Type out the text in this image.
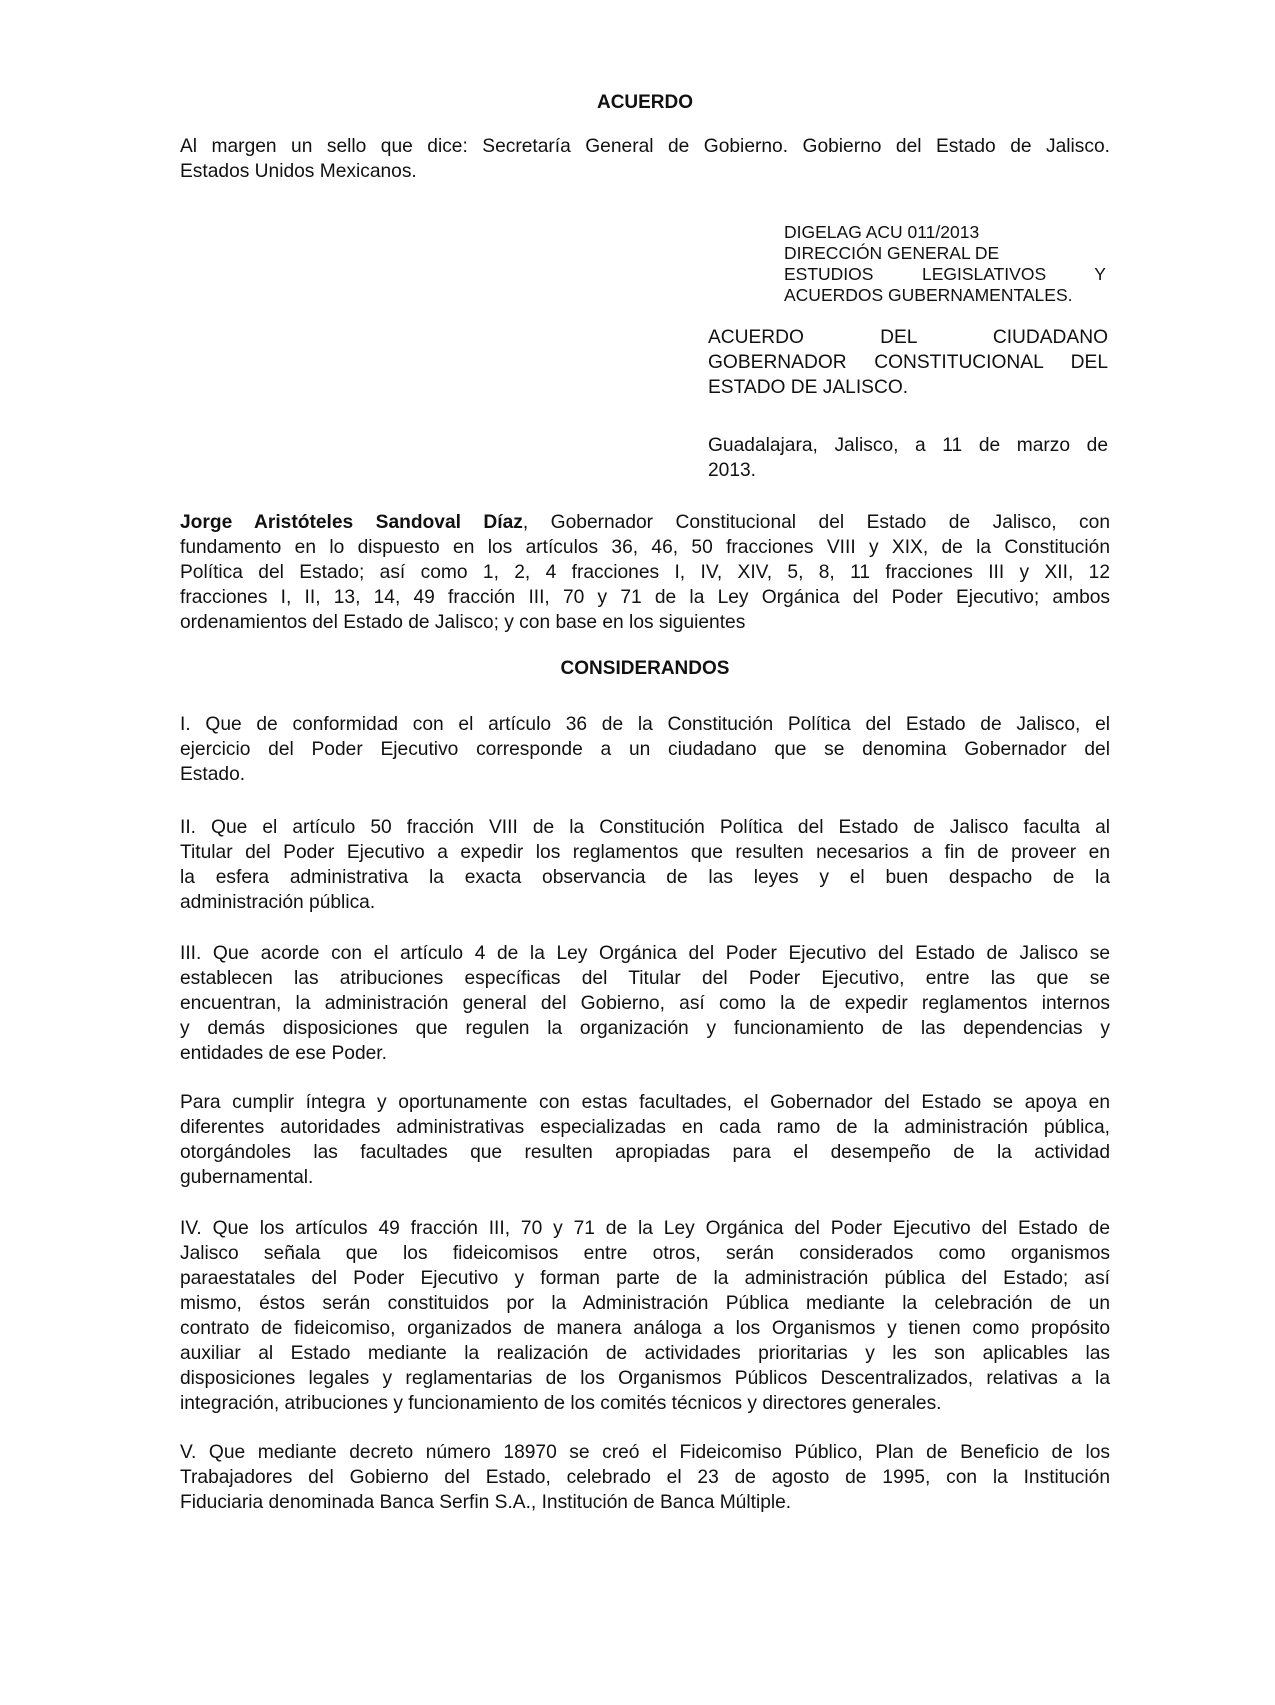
ACUERDO

Al margen un sello que dice: Secretaría General de Gobierno. Gobierno del Estado de Jalisco.
Estados Unidos Mexicanos.

DIGELAG ACU 011/2013
DIRECCIÓN GENERAL DE
ESTUDIOS LEGISLATIVOS Y
ACUERDOS GUBERNAMENTALES.

ACUERDO DEL CIUDADANO
GOBERNADOR CONSTITUCIONAL DEL
ESTADO DE JALISCO.

Guadalajara, Jalisco, a 11 de marzo de
2013.

Jorge Aristóteles Sandoval Díaz, Gobernador Constitucional del Estado de Jalisco, con
fundamento en lo dispuesto en los artículos 36, 46, 50 fracciones VIII y XIX, de la Constitución
Política del Estado; así como 1, 2, 4 fracciones I, IV, XIV, 5, 8, 11 fracciones III y XII, 12
fracciones I, II, 13, 14, 49 fracción III, 70 y 71 de la Ley Orgánica del Poder Ejecutivo; ambos
ordenamientos del Estado de Jalisco; y con base en los siguientes

CONSIDERANDOS

I. Que de conformidad con el artículo 36 de la Constitución Política del Estado de Jalisco, el
ejercicio del Poder Ejecutivo corresponde a un ciudadano que se denomina Gobernador del
Estado.

II. Que el artículo 50 fracción VIII de la Constitución Política del Estado de Jalisco faculta al
Titular del Poder Ejecutivo a expedir los reglamentos que resulten necesarios a fin de proveer en
la esfera administrativa la exacta observancia de las leyes y el buen despacho de la
administración pública.

III. Que acorde con el artículo 4 de la Ley Orgánica del Poder Ejecutivo del Estado de Jalisco se
establecen las atribuciones específicas del Titular del Poder Ejecutivo, entre las que se
encuentran, la administración general del Gobierno, así como la de expedir reglamentos internos
y demás disposiciones que regulen la organización y funcionamiento de las dependencias y
entidades de ese Poder.

Para cumplir íntegra y oportunamente con estas facultades, el Gobernador del Estado se apoya en
diferentes autoridades administrativas especializadas en cada ramo de la administración pública,
otorgándoles las facultades que resulten apropiadas para el desempeño de la actividad
gubernamental.

IV. Que los artículos 49 fracción III, 70 y 71 de la Ley Orgánica del Poder Ejecutivo del Estado de
Jalisco señala que los fideicomisos entre otros, serán considerados como organismos
paraestatales del Poder Ejecutivo y forman parte de la administración pública del Estado; así
mismo, éstos serán constituidos por la Administración Pública mediante la celebración de un
contrato de fideicomiso, organizados de manera análoga a los Organismos y tienen como propósito
auxiliar al Estado mediante la realización de actividades prioritarias y les son aplicables las
disposiciones legales y reglamentarias de los Organismos Públicos Descentralizados, relativas a la
integración, atribuciones y funcionamiento de los comités técnicos y directores generales.

V. Que mediante decreto número 18970 se creó el Fideicomiso Público, Plan de Beneficio de los
Trabajadores del Gobierno del Estado, celebrado el 23 de agosto de 1995, con la Institución
Fiduciaria denominada Banca Serfin S.A., Institución de Banca Múltiple.
